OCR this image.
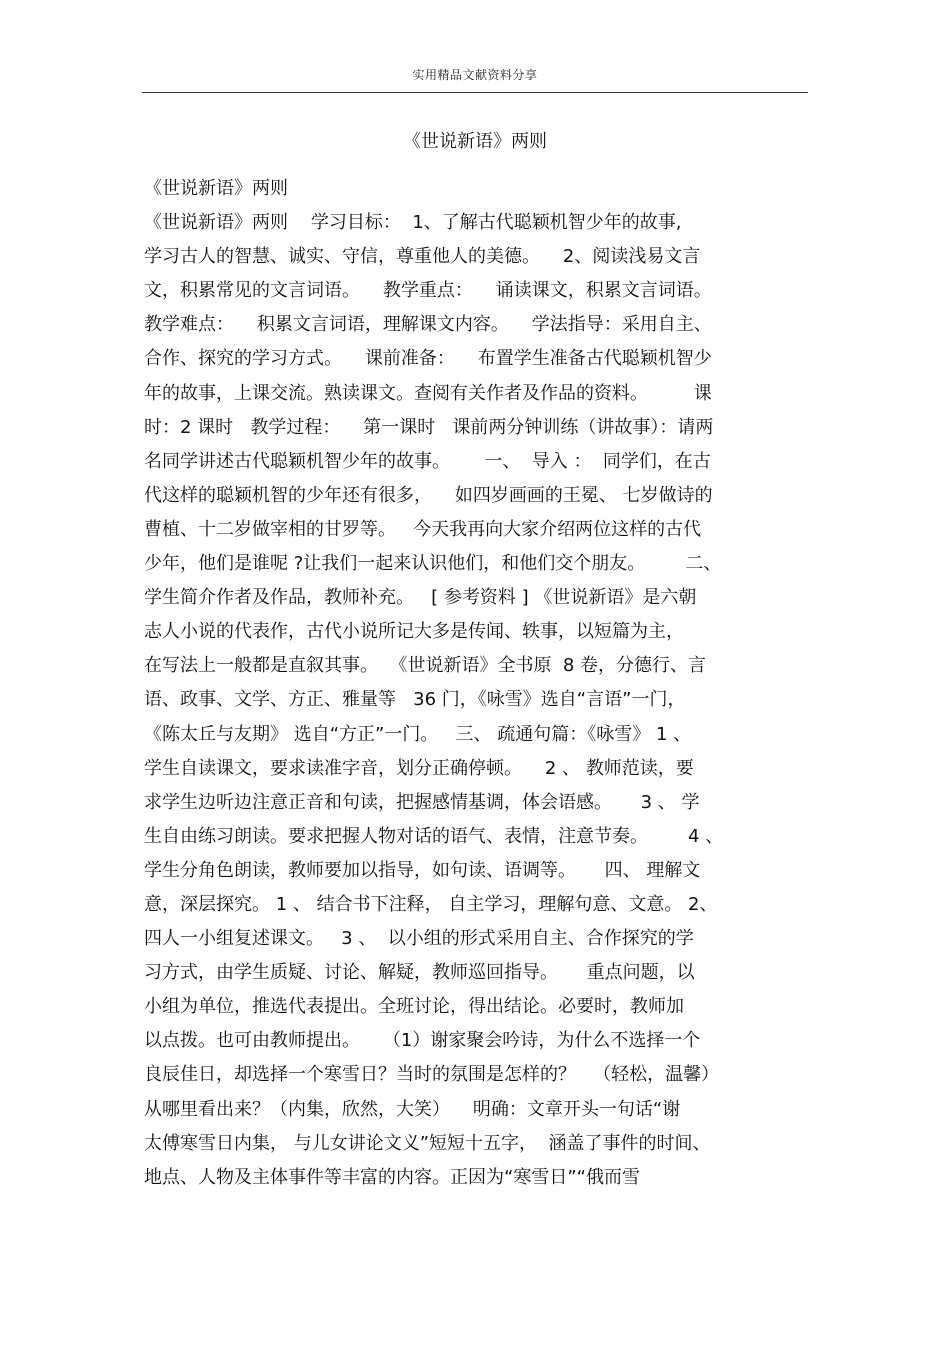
实用精品文献资料分享
《世说新语》两则
《世说新语》两则
《世说新语》两则    学习目标：  1、了解古代聪颖机智少年的故事,
学习古人的智慧、诚实、守信，尊重他人的美德。    2、阅读浅易文言
文，积累常见的文言词语。    教学重点：    诵读课文，积累文言词语。
教学难点：    积累文言词语，理解课文内容。    学法指导：采用自主、
合作、探究的学习方式。    课前准备：    布置学生准备古代聪颖机智少
年的故事，上课交流。熟读课文。查阅有关作者及作品的资料。        课
时：2 课时   教学过程：    第一课时   课前两分钟训练（讲故事）：请两
名同学讲述古代聪颖机智少年的故事。      一、  导入 ：  同学们，在古
代这样的聪颖机智的少年还有很多，    如四岁画画的王冕、 七岁做诗的
曹植、十二岁做宰相的甘罗等。   今天我再向大家介绍两位这样的古代
少年，他们是谁呢 ?让我们一起来认识他们，和他们交个朋友。       二、
学生简介作者及作品，教师补充。   [ 参考资料 ] 《世说新语》是六朝
志人小说的代表作，古代小说所记大多是传闻、轶事，以短篇为主，
在写法上一般都是直叙其事。  《世说新语》全书原  8 卷，分德行、言
语、政事、文学、方正、雅量等   36 门，《咏雪》选自“言语”一门，
《陈太丘与友期》 选自“方正”一门。   三、 疏通句篇：《咏雪》 1 、
学生自读课文，要求读准字音，划分正确停顿。    2 、 教师范读，要
求学生边听边注意正音和句读，把握感情基调，体会语感。     3 、 学
生自由练习朗读。要求把握人物对话的语气、表情，注意节奏。       4 、
学生分角色朗读，教师要加以指导，如句读、语调等。     四、 理解文
意，深层探究。 1 、 结合书下注释， 自主学习，理解句意、文意。 2、
四人一小组复述课文。   3 、  以小组的形式采用自主、合作探究的学
习方式，由学生质疑、讨论、解疑，教师巡回指导。     重点问题，以
小组为单位，推选代表提出。全班讨论，得出结论。必要时，教师加
以点拨。也可由教师提出。    （1）谢家聚会吟诗，为什么不选择一个
良辰佳日，却选择一个寒雪日？当时的氛围是怎样的？   （轻松，温馨）
从哪里看出来？（内集，欣然，大笑）    明确：文章开头一句话“谢
太傅寒雪日内集， 与儿女讲论文义”短短十五字，  涵盖了事件的时间、
地点、人物及主体事件等丰富的内容。正因为“寒雪日”“俄而雪
